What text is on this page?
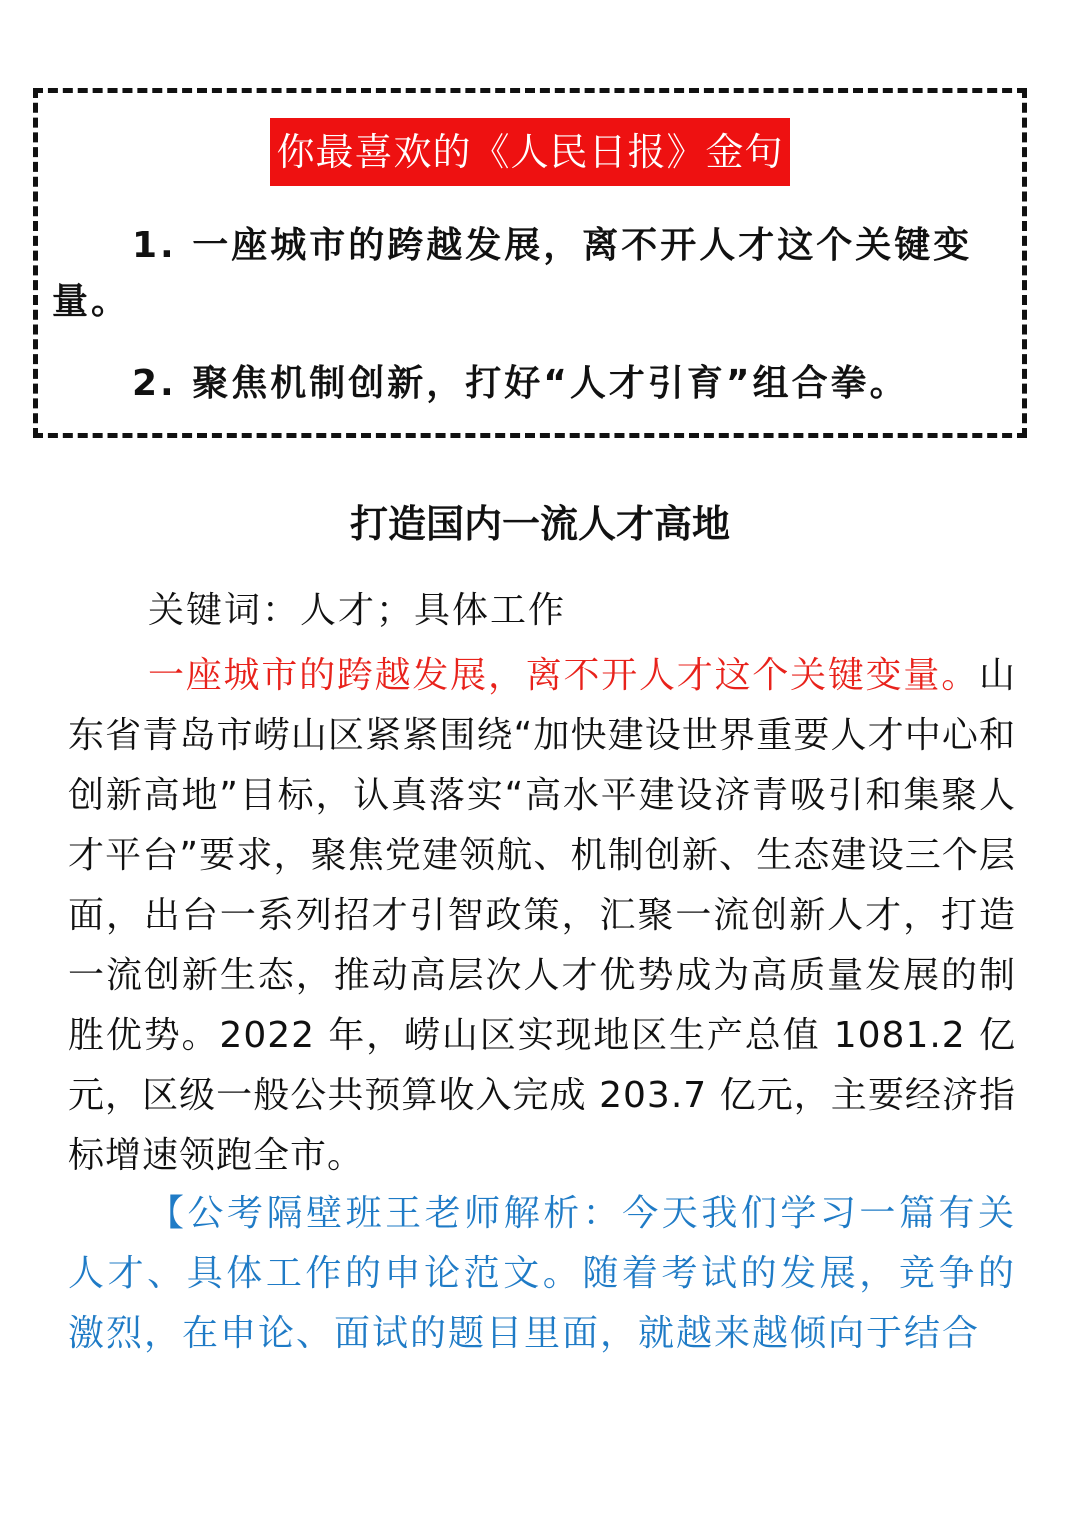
你最喜欢的《人民日报》金句
1. 一座城市的跨越发展，离不开人才这个关键变量。
2. 聚焦机制创新，打好“人才引育”组合拳。
打造国内一流人才高地
关键词：人才；具体工作
一座城市的跨越发展，离不开人才这个关键变量。山东省青岛市崂山区紧紧围绕“加快建设世界重要人才中心和创新高地”目标，认真落实“高水平建设济青吸引和集聚人才平台”要求，聚焦党建领航、机制创新、生态建设三个层面，出台一系列招才引智政策，汇聚一流创新人才，打造一流创新生态，推动高层次人才优势成为高质量发展的制胜优势。2022 年，崂山区实现地区生产总值 1081.2 亿元，区级一般公共预算收入完成 203.7 亿元，主要经济指标增速领跑全市。
【公考隔壁班王老师解析：今天我们学习一篇有关人才、具体工作的申论范文。随着考试的发展，竞争的激烈，在申论、面试的题目里面，就越来越倾向于结合
